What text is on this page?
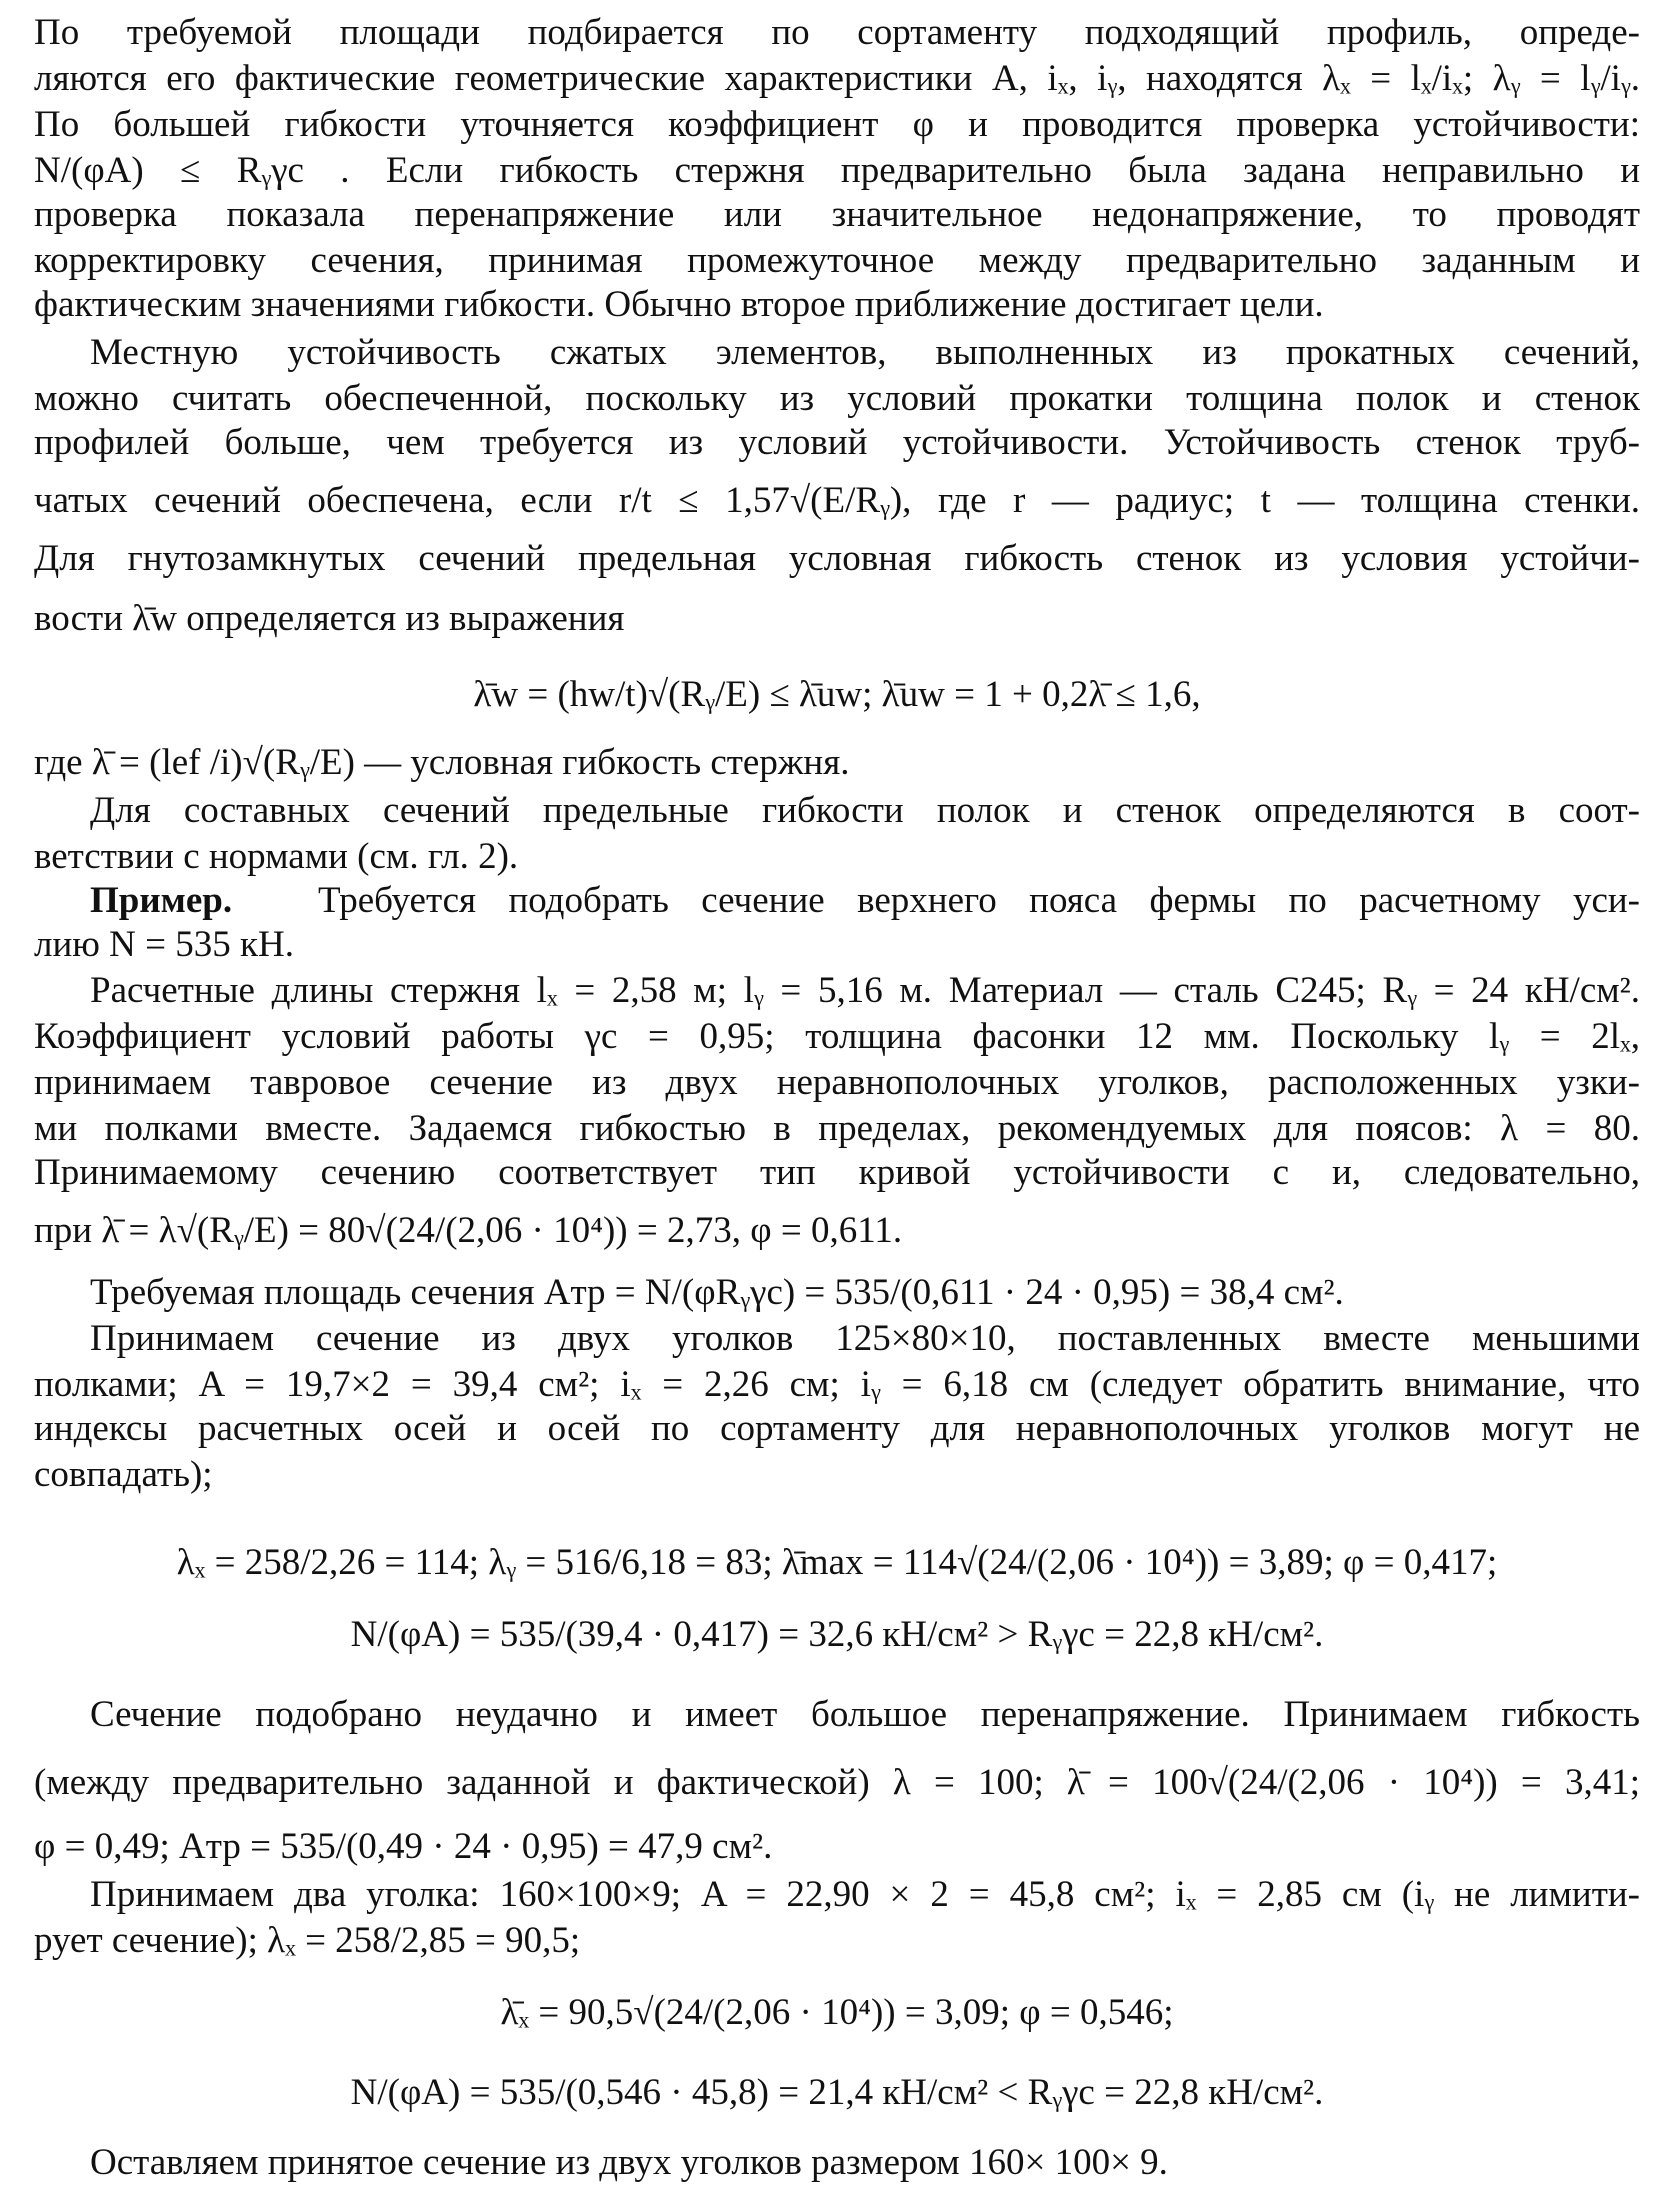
По требуемой площади подбирается по сортаменту подходящий профиль, опреде-
ляются его фактические геометрические характеристики A, iₓ, iᵧ, находятся λₓ = lₓ/iₓ; λᵧ = lᵧ/iᵧ.
По большей гибкости уточняется коэффициент φ и проводится проверка устойчивости:
N/(φA) ≤ Rᵧγc . Если гибкость стержня предварительно была задана неправильно и
проверка показала перенапряжение или значительное недонапряжение, то проводят
корректировку сечения, принимая промежуточное между предварительно заданным и
фактическим значениями гибкости. Обычно второе приближение достигает цели.
Местную устойчивость сжатых элементов, выполненных из прокатных сечений,
можно считать обеспеченной, поскольку из условий прокатки толщина полок и стенок
профилей больше, чем требуется из условий устойчивости. Устойчивость стенок труб-
чатых сечений обеспечена, если r/t ≤ 1,57√(E/Rᵧ), где r — радиус; t — толщина стенки.
Для гнутозамкнутых сечений предельная условная гибкость стенок из условия устойчи-
вости λ̄w определяется из выражения
λ̄w = (hw/t)√(Rᵧ/E) ≤ λ̄uw; λ̄uw = 1 + 0,2λ̄ ≤ 1,6,
где λ̄ = (lef /i)√(Rᵧ/E) — условная гибкость стержня.
Для составных сечений предельные гибкости полок и стенок определяются в соот-
ветствии с нормами (см. гл. 2).
Пример.	Требуется подобрать сечение верхнего пояса фермы по расчетному уси-
лию N = 535 кН.
Расчетные длины стержня lₓ = 2,58 м; lᵧ = 5,16 м. Материал — сталь С245; Rᵧ = 24 кН/см².
Коэффициент условий работы γc = 0,95; толщина фасонки 12 мм. Поскольку lᵧ = 2lₓ,
принимаем тавровое сечение из двух неравнополочных уголков, расположенных узки-
ми полками вместе. Задаемся гибкостью в пределах, рекомендуемых для поясов: λ = 80.
Принимаемому сечению соответствует тип кривой устойчивости c и, следовательно,
при λ̄ = λ√(Rᵧ/E) = 80√(24/(2,06 · 10⁴)) = 2,73, φ = 0,611.
Требуемая площадь сечения Aтр = N/(φRᵧγc) = 535/(0,611 · 24 · 0,95) = 38,4 см².
Принимаем сечение из двух уголков 125×80×10, поставленных вместе меньшими
полками; A = 19,7×2 = 39,4 см²; iₓ = 2,26 см; iᵧ = 6,18 см (следует обратить внимание, что
индексы расчетных осей и осей по сортаменту для неравнополочных уголков могут не
совпадать);
λₓ = 258/2,26 = 114; λᵧ = 516/6,18 = 83; λ̄max = 114√(24/(2,06 · 10⁴)) = 3,89; φ = 0,417;
N/(φA) = 535/(39,4 · 0,417) = 32,6 кН/см² > Rᵧγc = 22,8 кН/см².
Сечение подобрано неудачно и имеет большое перенапряжение. Принимаем гибкость
(между предварительно заданной и фактической) λ = 100; λ̄ = 100√(24/(2,06 · 10⁴)) = 3,41;
φ = 0,49; Aтр = 535/(0,49 · 24 · 0,95) = 47,9 см².
Принимаем два уголка: 160×100×9; A = 22,90 × 2 = 45,8 см²; iₓ = 2,85 см (iᵧ не лимити-
рует сечение); λₓ = 258/2,85 = 90,5;
λ̄ₓ = 90,5√(24/(2,06 · 10⁴)) = 3,09; φ = 0,546;
N/(φA) = 535/(0,546 · 45,8) = 21,4 кН/см² < Rᵧγc = 22,8 кН/см².
Оставляем принятое сечение из двух уголков размером 160× 100× 9.
